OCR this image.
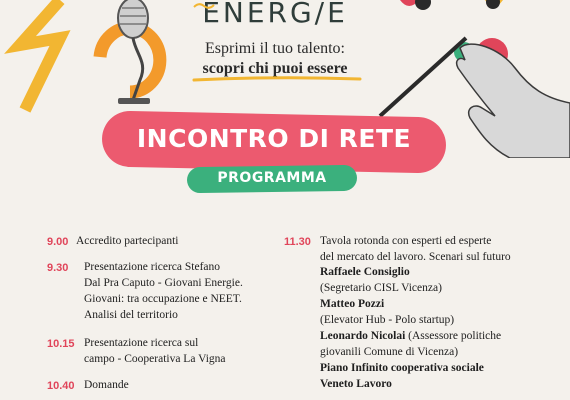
ENERG/E
Esprimi il tuo talento:
scopri chi puoi essere
INCONTRO DI RETE
PROGRAMMA
9.00 Accredito partecipanti
9.30 Presentazione ricerca Stefano
Dal Pra Caputo - Giovani Energie.
Giovani: tra occupazione e NEET.
Analisi del territorio
10.15 Presentazione ricerca sul
campo - Cooperativa La Vigna
10.40 Domande
11.30 Tavola rotonda con esperti ed esperte
del mercato del lavoro. Scenari sul futuro
Raffaele Consiglio
(Segretario CISL Vicenza)
Matteo Pozzi
(Elevator Hub - Polo startup)
Leonardo Nicolai (Assessore politiche
giovanili Comune di Vicenza)
Piano Infinito cooperativa sociale
Veneto Lavoro
